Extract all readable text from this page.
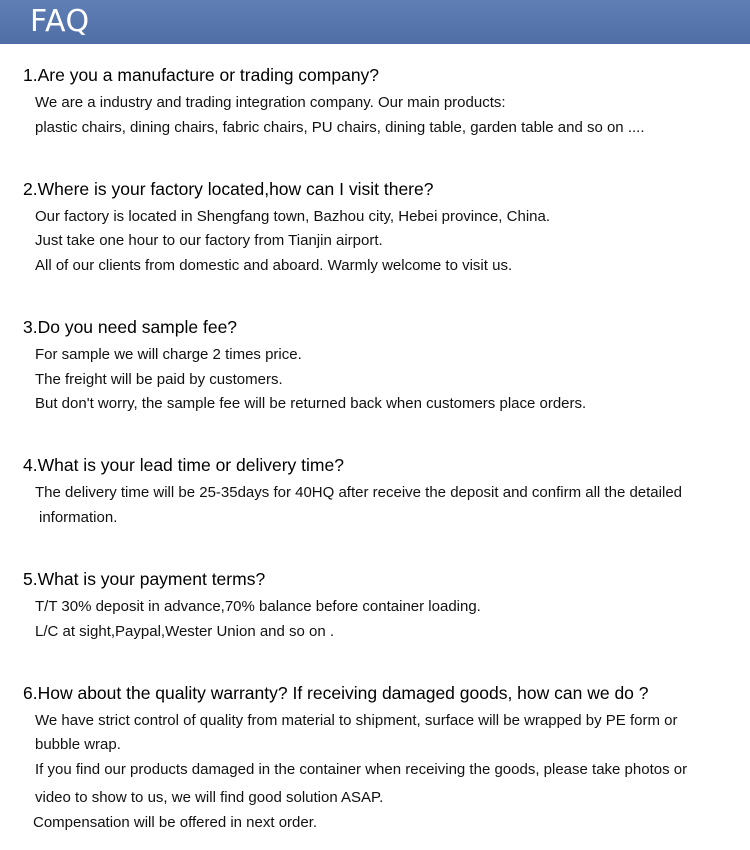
FAQ
1.Are you a manufacture or trading company?
We are a industry and trading integration company. Our main products:
plastic chairs, dining chairs, fabric chairs, PU chairs, dining table, garden table and so on ....
2.Where is your factory located,how can I visit there?
Our factory is located in Shengfang town, Bazhou city, Hebei province, China.
Just take one hour to our factory from Tianjin airport.
All of our clients from domestic and aboard. Warmly welcome to visit us.
3.Do you need sample fee?
For sample we will charge 2 times price.
The freight will be paid by customers.
But don't worry, the sample fee will be returned back when customers place orders.
4.What is your lead time or delivery time?
The delivery time will be 25-35days for 40HQ after receive the deposit and confirm all the detailed
information.
5.What is your payment terms?
T/T 30% deposit in advance,70% balance before container loading.
L/C at sight,Paypal,Wester Union and so on .
6.How about the quality warranty? If receiving damaged goods, how can we do ?
We have strict control of quality from material to shipment, surface will be wrapped by PE form or
bubble wrap.
If you find our products damaged in the container when receiving the goods, please take photos or
video to show to us, we will find good solution ASAP.
Compensation will be offered in next order.
